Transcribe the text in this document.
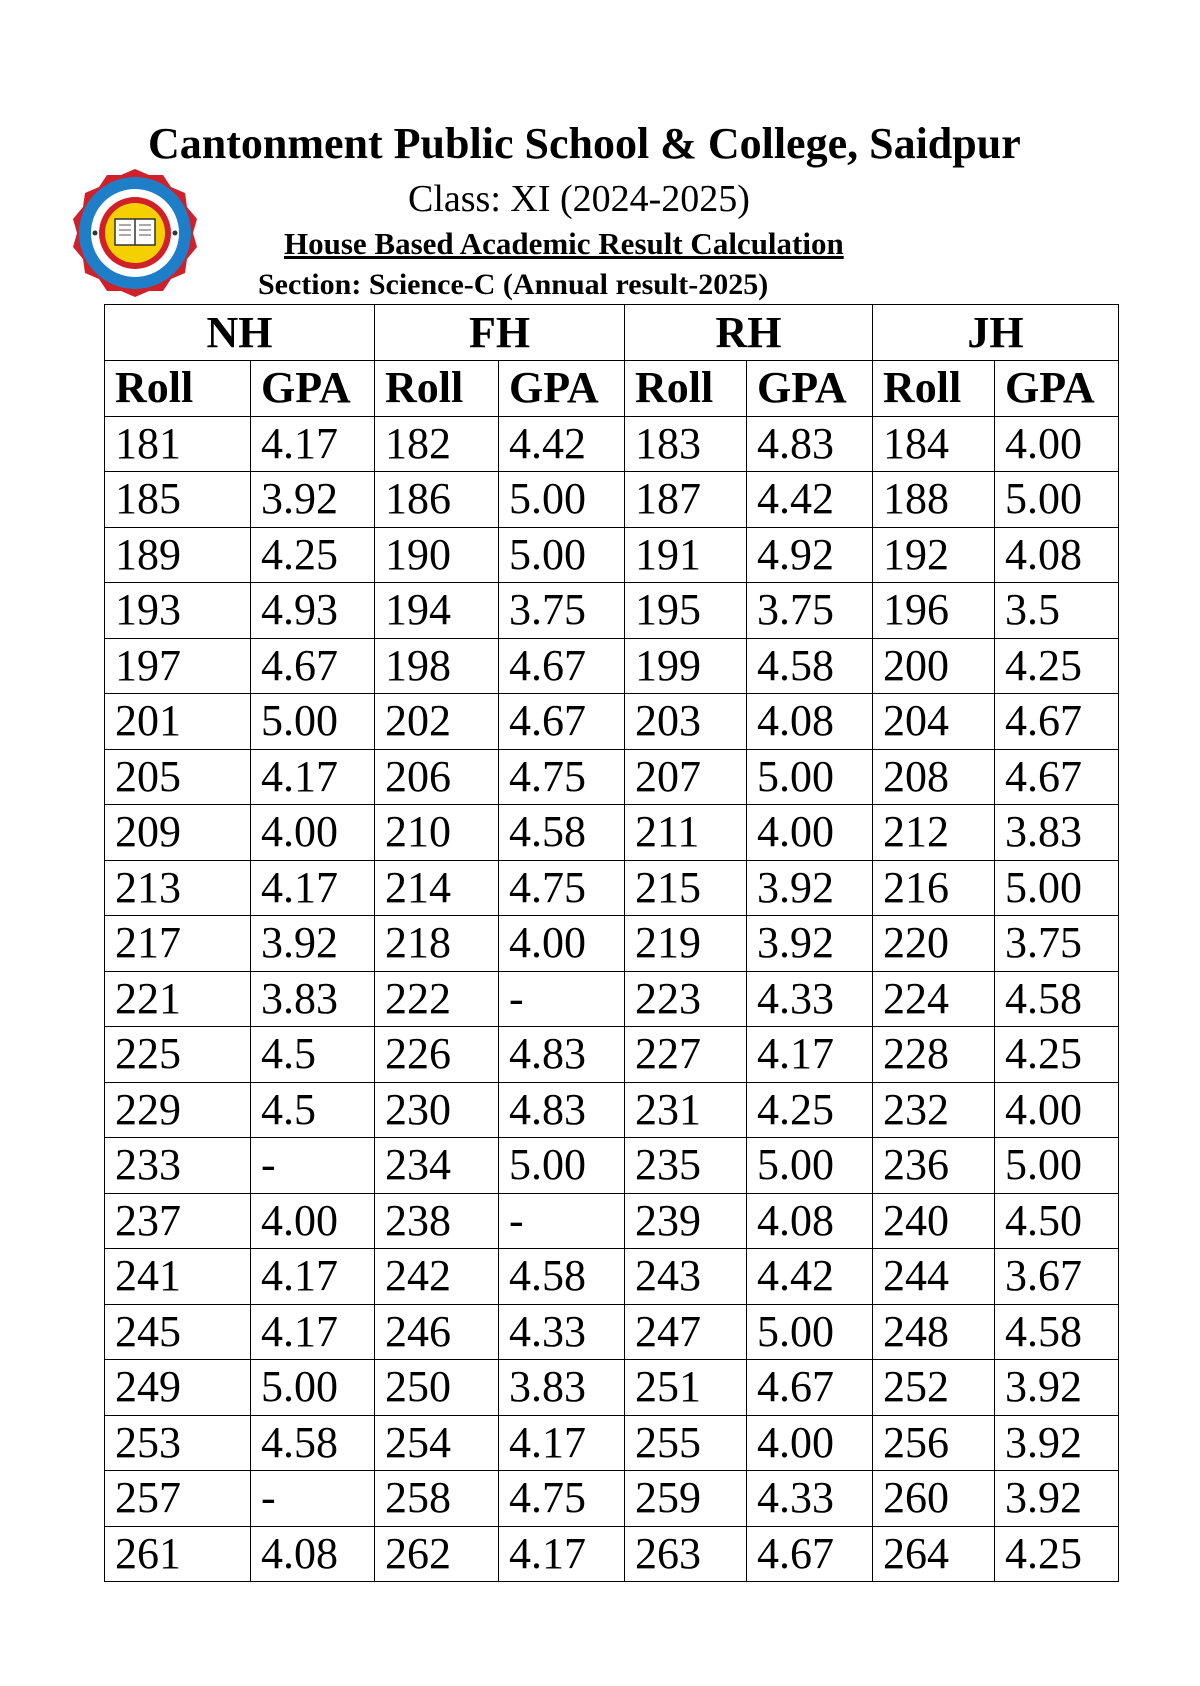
Cantonment Public School & College, Saidpur
Class: XI (2024-2025)
House Based Academic Result Calculation
Section: Science-C (Annual result-2025)
NH		FH		RH		JH	
Roll	GPA	Roll	GPA	Roll	GPA	Roll	GPA
181	4.17	182	4.42	183	4.83	184	4.00
185	3.92	186	5.00	187	4.42	188	5.00
189	4.25	190	5.00	191	4.92	192	4.08
193	4.93	194	3.75	195	3.75	196	3.5
197	4.67	198	4.67	199	4.58	200	4.25
201	5.00	202	4.67	203	4.08	204	4.67
205	4.17	206	4.75	207	5.00	208	4.67
209	4.00	210	4.58	211	4.00	212	3.83
213	4.17	214	4.75	215	3.92	216	5.00
217	3.92	218	4.00	219	3.92	220	3.75
221	3.83	222	-	223	4.33	224	4.58
225	4.5	226	4.83	227	4.17	228	4.25
229	4.5	230	4.83	231	4.25	232	4.00
233	-	234	5.00	235	5.00	236	5.00
237	4.00	238	-	239	4.08	240	4.50
241	4.17	242	4.58	243	4.42	244	3.67
245	4.17	246	4.33	247	5.00	248	4.58
249	5.00	250	3.83	251	4.67	252	3.92
253	4.58	254	4.17	255	4.00	256	3.92
257	-	258	4.75	259	4.33	260	3.92
261	4.08	262	4.17	263	4.67	264	4.25
